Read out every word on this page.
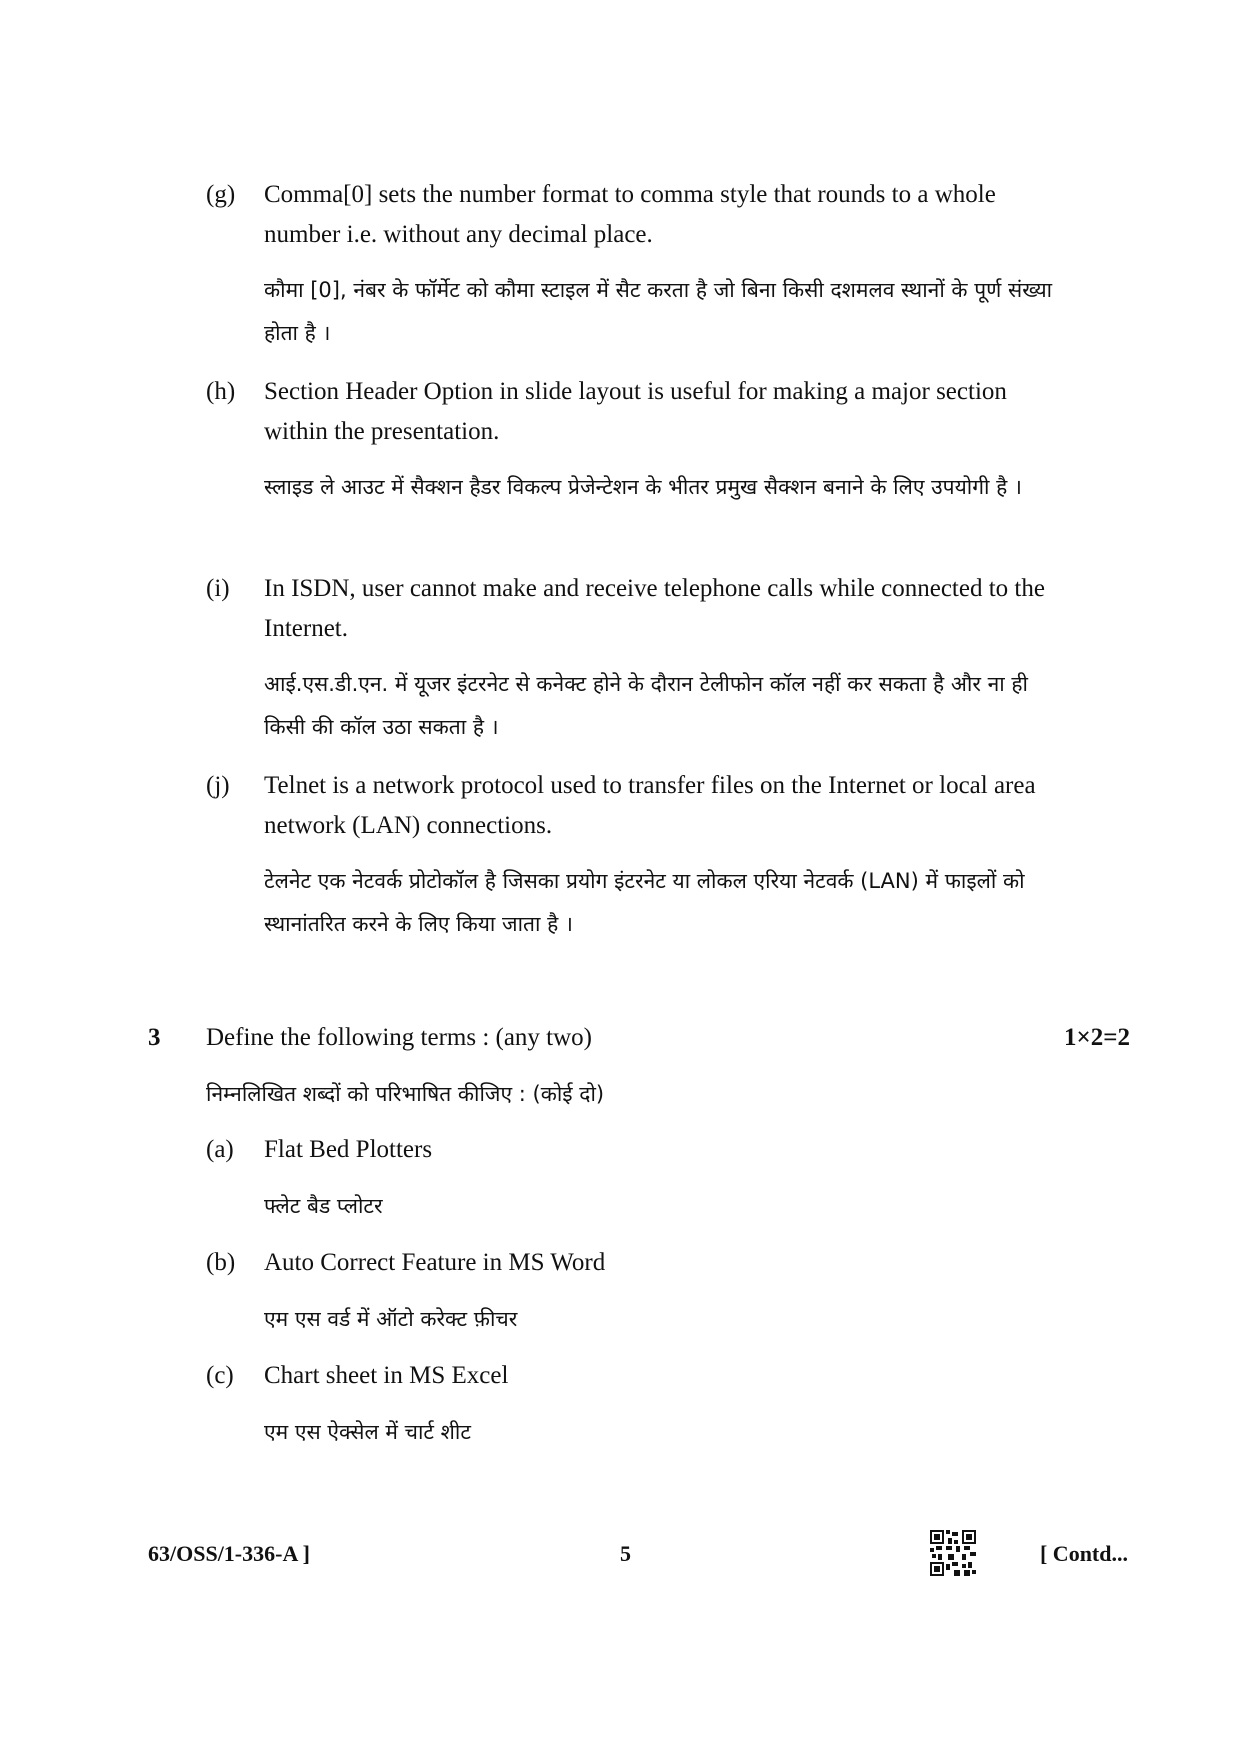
(g) Comma[0] sets the number format to comma style that rounds to a whole number i.e. without any decimal place.
कौमा [0], नंबर के फॉर्मेट को कौमा स्टाइल में सैट करता है जो बिना किसी दशमलव स्थानों के पूर्ण संख्या होता है ।
(h) Section Header Option in slide layout is useful for making a major section within the presentation.
स्लाइड ले आउट में सैक्शन हैडर विकल्प प्रेजेन्टेशन के भीतर प्रमुख सैक्शन बनाने के लिए उपयोगी है ।
(i) In ISDN, user cannot make and receive telephone calls while connected to the Internet.
आई.एस.डी.एन. में यूजर इंटरनेट से कनेक्ट होने के दौरान टेलीफोन कॉल नहीं कर सकता है और ना ही किसी की कॉल उठा सकता है ।
(j) Telnet is a network protocol used to transfer files on the Internet or local area network (LAN) connections.
टेलनेट एक नेटवर्क प्रोटोकॉल है जिसका प्रयोग इंटरनेट या लोकल एरिया नेटवर्क (LAN) में फाइलों को स्थानांतरित करने के लिए किया जाता है ।
3 Define the following terms : (any two)	1×2=2
निम्नलिखित शब्दों को परिभाषित कीजिए : (कोई दो)
(a) Flat Bed Plotters
फ्लेट बैड प्लोटर
(b) Auto Correct Feature in MS Word
एम एस वर्ड में ऑटो करेक्ट फ़ीचर
(c) Chart sheet in MS Excel
एम एस ऐक्सेल में चार्ट शीट
63/OSS/1-336-A ]	5	[ Contd...
